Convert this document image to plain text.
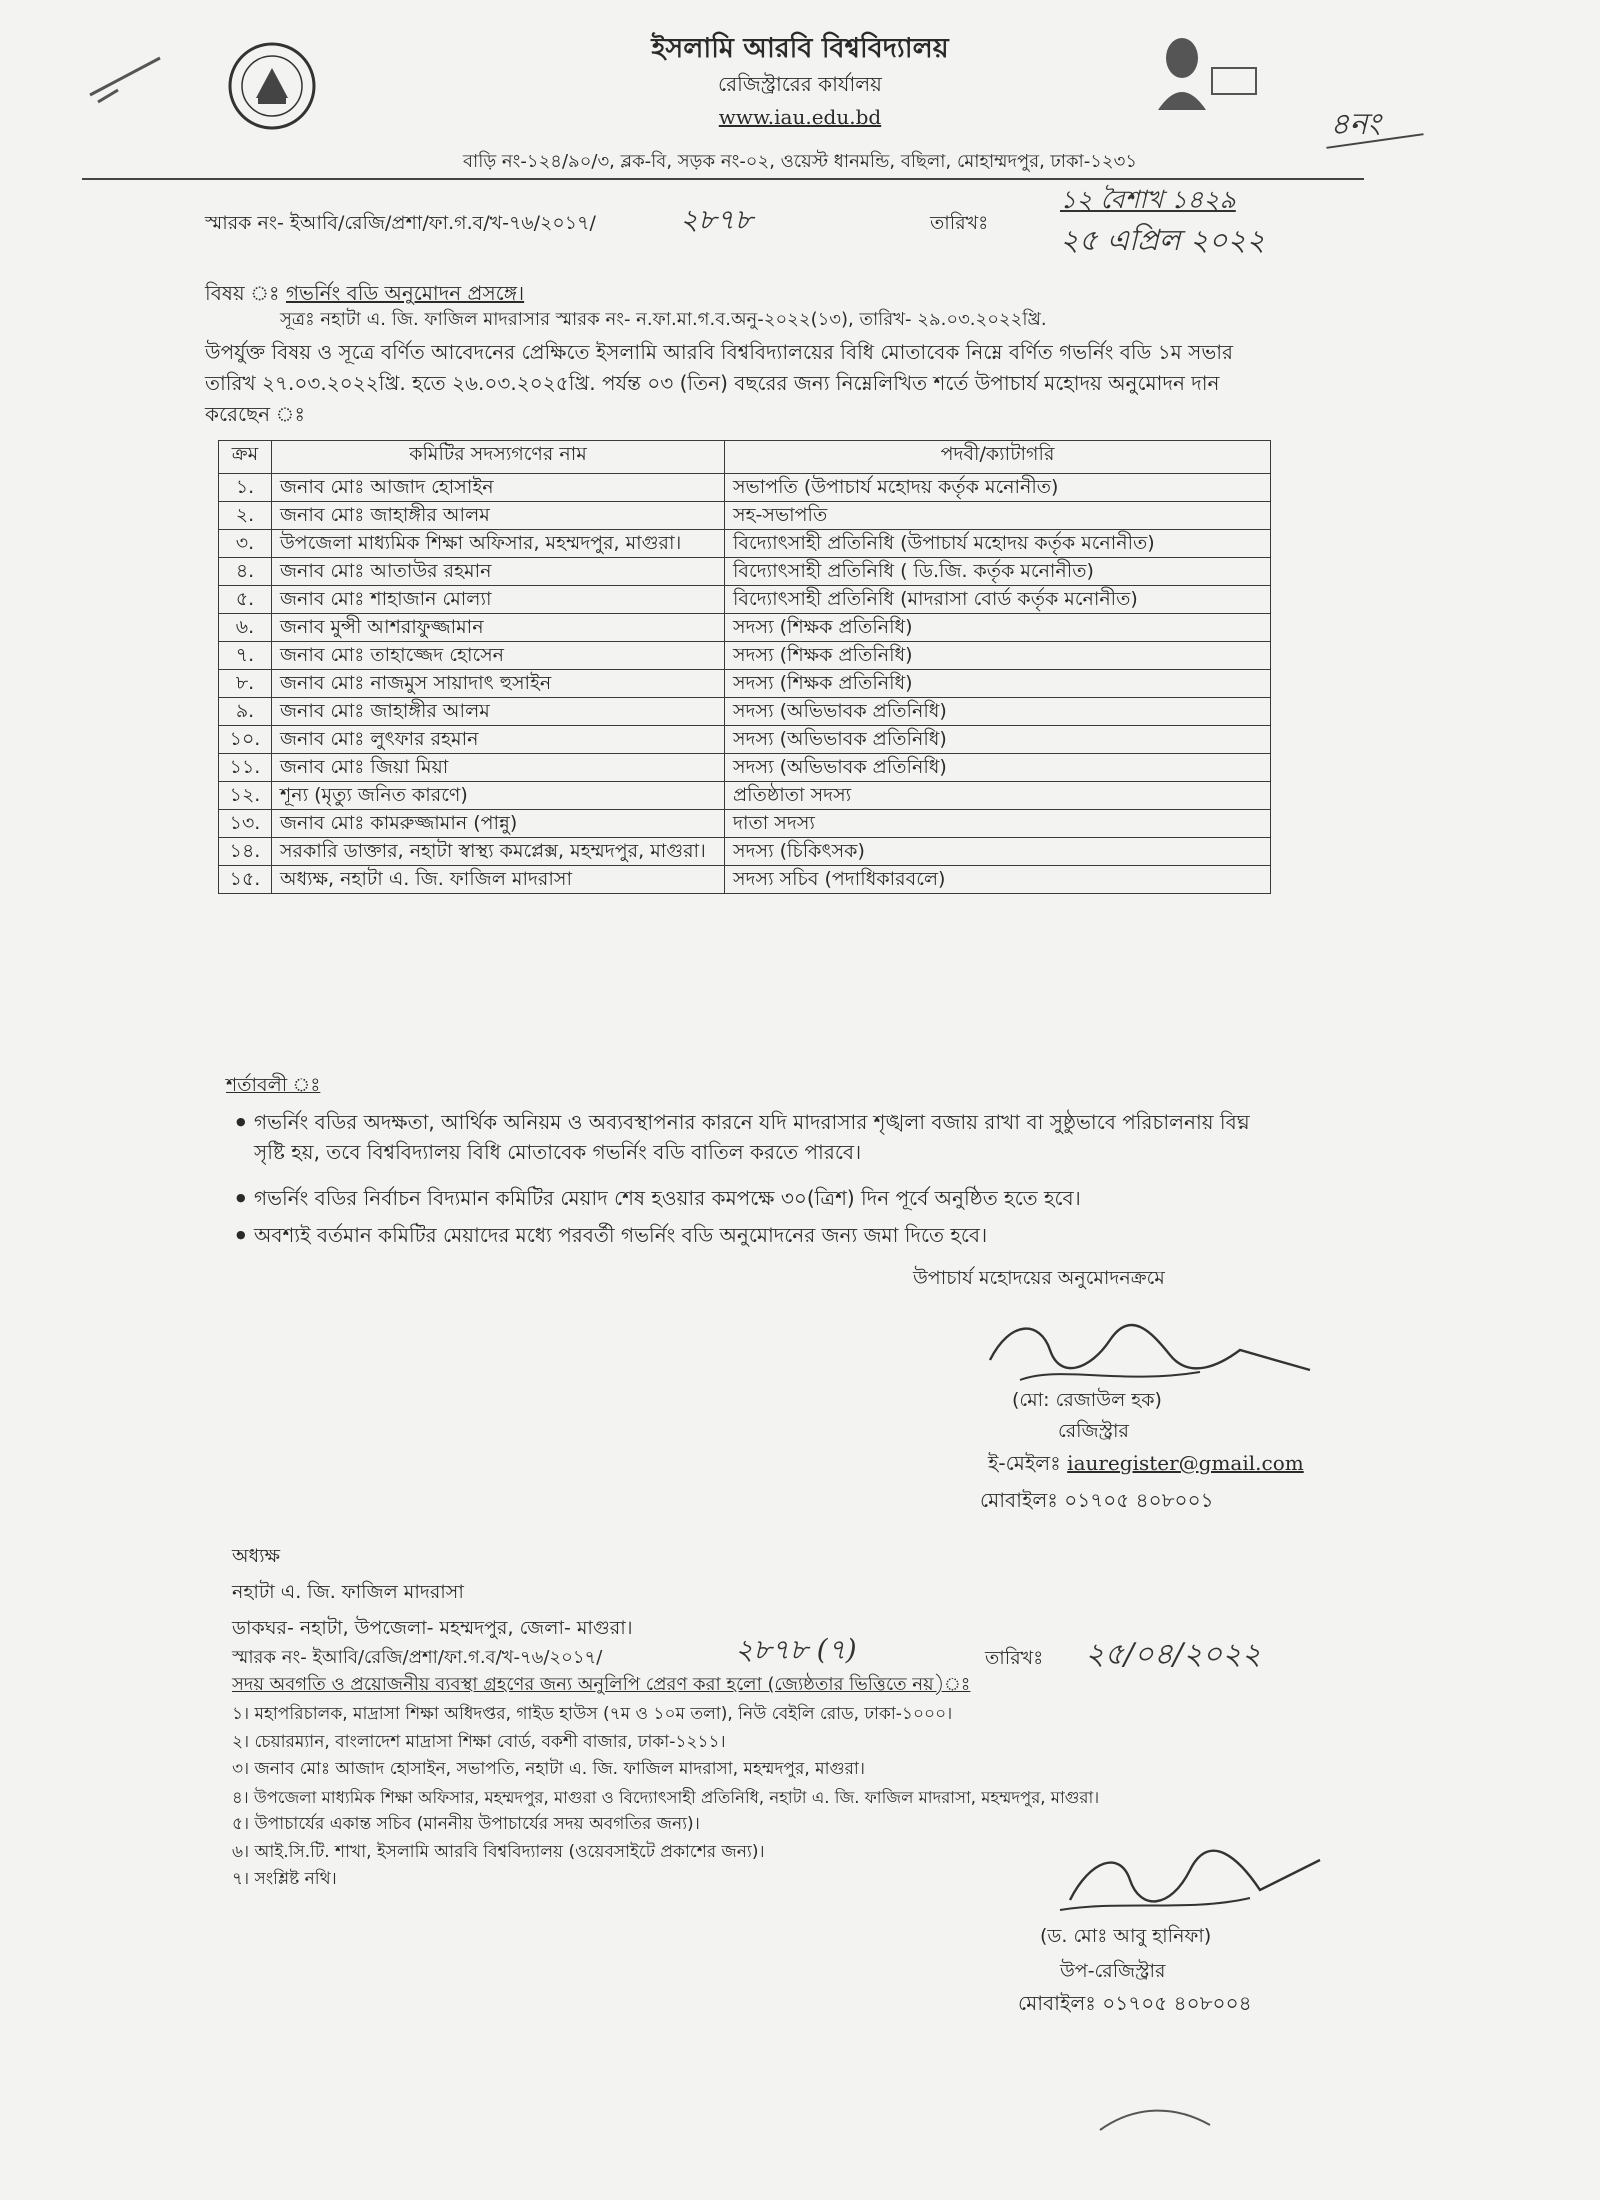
ইসলামি আরবি বিশ্ববিদ্যালয়
রেজিস্ট্রারের কার্যালয়
www.iau.edu.bd	৪নং
বাড়ি নং-১২৪/৯০/৩, ব্লক-বি, সড়ক নং-০২, ওয়েস্ট ধানমন্ডি, বছিলা, মোহাম্মদপুর, ঢাকা-১২৩১
স্মারক নং- ইআবি/রেজি/প্রশা/ফা.গ.ব/খ-৭৬/২০১৭/	২৮৭৮	তারিখঃ
১২ বৈশাখ ১৪২৯
২৫ এপ্রিল ২০২২
বিষয় ঃ গভর্নিং বডি অনুমোদন প্রসঙ্গে।
সূত্রঃ নহাটা এ. জি. ফাজিল মাদরাসার স্মারক নং- ন.ফা.মা.গ.ব.অনু-২০২২(১৩), তারিখ- ২৯.০৩.২০২২খ্রি.
উপর্যুক্ত বিষয় ও সূত্রে বর্ণিত আবেদনের প্রেক্ষিতে ইসলামি আরবি বিশ্ববিদ্যালয়ের বিধি মোতাবেক নিম্নে বর্ণিত গভর্নিং বডি ১ম সভার তারিখ ২৭.০৩.২০২২খ্রি. হতে ২৬.০৩.২০২৫খ্রি. পর্যন্ত ০৩ (তিন) বছরের জন্য নিম্নেলিখিত শর্তে উপাচার্য মহোদয় অনুমোদন দান করেছেন ঃ
ক্রম	কমিটির সদস্যগণের নাম	পদবী/ক্যাটাগরি
১.	জনাব মোঃ আজাদ হোসাইন	সভাপতি (উপাচার্য মহোদয় কর্তৃক মনোনীত)
২.	জনাব মোঃ জাহাঙ্গীর আলম	সহ-সভাপতি
৩.	উপজেলা মাধ্যমিক শিক্ষা অফিসার, মহম্মদপুর, মাগুরা।	বিদ্যোৎসাহী প্রতিনিধি (উপাচার্য মহোদয় কর্তৃক মনোনীত)
৪.	জনাব মোঃ আতাউর রহমান	বিদ্যোৎসাহী প্রতিনিধি ( ডি.জি. কর্তৃক মনোনীত)
৫.	জনাব মোঃ শাহাজান মোল্যা	বিদ্যোৎসাহী প্রতিনিধি (মাদরাসা বোর্ড কর্তৃক মনোনীত)
৬.	জনাব মুন্সী আশরাফুজ্জামান	সদস্য (শিক্ষক প্রতিনিধি)
৭.	জনাব মোঃ তাহাজ্জেদ হোসেন	সদস্য (শিক্ষক প্রতিনিধি)
৮.	জনাব মোঃ নাজমুস সায়াদাৎ হুসাইন	সদস্য (শিক্ষক প্রতিনিধি)
৯.	জনাব মোঃ জাহাঙ্গীর আলম	সদস্য (অভিভাবক প্রতিনিধি)
১০.	জনাব মোঃ লুৎফার রহমান	সদস্য (অভিভাবক প্রতিনিধি)
১১.	জনাব মোঃ জিয়া মিয়া	সদস্য (অভিভাবক প্রতিনিধি)
১২.	শূন্য (মৃত্যু জনিত কারণে)	প্রতিষ্ঠাতা সদস্য
১৩.	জনাব মোঃ কামরুজ্জামান (পান্নু)	দাতা সদস্য
১৪.	সরকারি ডাক্তার, নহাটা স্বাস্থ্য কমপ্লেক্স, মহম্মদপুর, মাগুরা।	সদস্য (চিকিৎসক)
১৫.	অধ্যক্ষ, নহাটা এ. জি. ফাজিল মাদরাসা	সদস্য সচিব (পদাধিকারবলে)
শর্তাবলী ঃ
● গভর্নিং বডির অদক্ষতা, আর্থিক অনিয়ম ও অব্যবস্থাপনার কারনে যদি মাদরাসার শৃঙ্খলা বজায় রাখা বা সুষ্ঠুভাবে পরিচালনায় বিঘ্ন সৃষ্টি হয়, তবে বিশ্ববিদ্যালয় বিধি মোতাবেক গভর্নিং বডি বাতিল করতে পারবে।
● গভর্নিং বডির নির্বাচন বিদ্যমান কমিটির মেয়াদ শেষ হওয়ার কমপক্ষে ৩০(ত্রিশ) দিন পূর্বে অনুষ্ঠিত হতে হবে।
● অবশ্যই বর্তমান কমিটির মেয়াদের মধ্যে পরবর্তী গভর্নিং বডি অনুমোদনের জন্য জমা দিতে হবে।
উপাচার্য মহোদয়ের অনুমোদনক্রমে
(মো: রেজাউল হক)
রেজিস্ট্রার
ই-মেইলঃ iauregister@gmail.com
মোবাইলঃ ০১৭০৫ ৪০৮০০১
অধ্যক্ষ
নহাটা এ. জি. ফাজিল মাদরাসা
ডাকঘর- নহাটা, উপজেলা- মহম্মদপুর, জেলা- মাগুরা।
স্মারক নং- ইআবি/রেজি/প্রশা/ফা.গ.ব/খ-৭৬/২০১৭/	২৮৭৮ (৭)	তারিখঃ ২৫/০৪/২০২২
সদয় অবগতি ও প্রয়োজনীয় ব্যবস্থা গ্রহণের জন্য অনুলিপি প্রেরণ করা হলো (জ্যেষ্ঠতার ভিত্তিতে নয়)ঃ
১। মহাপরিচালক, মাদ্রাসা শিক্ষা অধিদপ্তর, গাইড হাউস (৭ম ও ১০ম তলা), নিউ বেইলি রোড, ঢাকা-১০০০।
২। চেয়ারম্যান, বাংলাদেশ মাদ্রাসা শিক্ষা বোর্ড, বকশী বাজার, ঢাকা-১২১১।
৩। জনাব মোঃ আজাদ হোসাইন, সভাপতি, নহাটা এ. জি. ফাজিল মাদরাসা, মহম্মদপুর, মাগুরা।
৪। উপজেলা মাধ্যমিক শিক্ষা অফিসার, মহম্মদপুর, মাগুরা ও বিদ্যোৎসাহী প্রতিনিধি, নহাটা এ. জি. ফাজিল মাদরাসা, মহম্মদপুর, মাগুরা।
৫। উপাচার্যের একান্ত সচিব (মাননীয় উপাচার্যের সদয় অবগতির জন্য)।
৬। আই.সি.টি. শাখা, ইসলামি আরবি বিশ্ববিদ্যালয় (ওয়েবসাইটে প্রকাশের জন্য)।
৭। সংশ্লিষ্ট নথি।
(ড. মোঃ আবু হানিফা)
উপ-রেজিস্ট্রার
মোবাইলঃ ০১৭০৫ ৪০৮০০৪
